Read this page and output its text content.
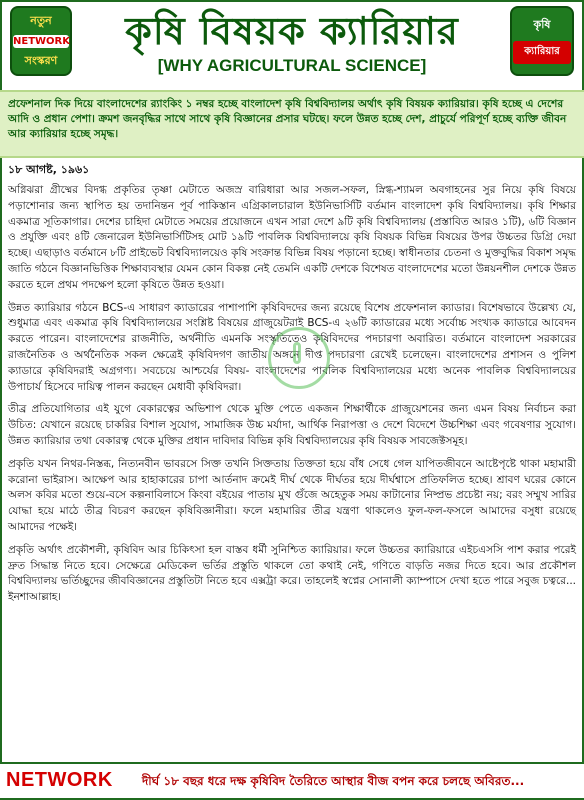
নতুন
NETWORK
সংস্করণ
কৃষি বিষয়ক ক্যারিয়ার
[WHY AGRICULTURAL SCIENCE]
কৃষি
ক্যারিয়ার
প্রফেশনাল দিক দিয়ে বাংলাদেশের র‍্যাংকিং ১ নম্বর হচ্ছে বাংলাদেশ কৃষি বিশ্ববিদ্যালয় অর্থাৎ কৃষি বিষয়ক ক্যারিয়ার। কৃষি হচ্ছে এ দেশের আদি ও প্রধান পেশা। ক্রমশ জনবৃদ্ধির সাথে সাথে কৃষি বিজ্ঞানের প্রসার ঘটছে। ফলে উন্নত হচ্ছে দেশ, প্রাচুর্যে পরিপূর্ণ হচ্ছে ব্যক্তি জীবন আর ক্যারিয়ার হচ্ছে সমৃদ্ধ।
১৮ আগষ্ট, ১৯৬১

অগ্নিঝরা গ্রীষ্মের বিদগ্ধ প্রকৃতির তৃষ্ণা মেটাতে অজস্র বারিধারা আর সজল-সফল, স্নিগ্ধ-শ্যামল অবগাহনের সুর নিয়ে কৃষি বিষয়ে পড়াশোনার জন্য স্থাপিত হয় তদানিন্তন পূর্ব পাকিস্তান এগ্রিকালচারাল ইউনিভার্সিটি বর্তমান বাংলাদেশ কৃষি বিশ্ববিদ্যালয়। কৃষি শিক্ষার একমাত্র সূতিকাগার। দেশের চাহিদা মেটাতে সময়ের প্রয়োজনে এখন সারা দেশে ৯টি কৃষি বিশ্ববিদ্যালয় (প্রস্তাবিত আরও ১টি), ৬টি বিজ্ঞান ও প্রযুক্তি এবং ৪টি জেনারেল ইউনিভার্সিটিসহ মোট ১৯টি পাবলিক বিশ্ববিদ্যালয়ে কৃষি বিষয়ক বিভিন্ন বিষয়ের উপর উচ্চতর ডিগ্রি দেয়া হচ্ছে। এছাড়াও বর্তমানে ৮টি প্রাইভেট বিশ্ববিদ্যালয়েও কৃষি সংক্রান্ত বিভিন্ন বিষয় পড়ানো হচ্ছে। স্বাধীনতার চেতনা ও মুক্তবুদ্ধির বিকাশ সমৃদ্ধ জাতি গঠনে বিজ্ঞানভিত্তিক শিক্ষাব্যবস্থার যেমন কোন বিকল্প নেই তেমনি একটি দেশকে বিশেষত বাংলাদেশের মতো উন্নয়নশীল দেশকে উন্নত করতে হলে প্রথম পদক্ষেপ হলো কৃষিতে উন্নত হওয়া।

উন্নত ক্যারিয়ার গঠনে BCS-এ সাধারণ ক্যাডারের পাশাপাশি কৃষিবিদদের জন্য রয়েছে বিশেষ প্রফেশনাল ক্যাডার। বিশেষভাবে উল্লেখ্য যে, শুধুমাত্র এবং একমাত্র কৃষি বিশ্ববিদ্যালয়ের সংশ্লিষ্ট বিষয়ের গ্রাজুয়েটরাই BCS-এ ২৬টি ক্যাডারের মধ্যে সর্বোচ্চ সংখ্যক ক্যাডারে আবেদন করতে পারেন। বাংলাদেশের রাজনীতি, অর্থনীতি এমনকি সংস্কৃতিতেও কৃষিবিদদের পদচারণা অবারিত। বর্তমানে বাংলাদেশ সরকারের রাজনৈতিক ও অর্থনৈতিক সকল ক্ষেত্রেই কৃষিবিদগণ জাতীয় অঙ্গনে দীপ্ত পদচারণা রেখেই চলেছেন। বাংলাদেশের প্রশাসন ও পুলিশ ক্যাডারে কৃষিবিদরাই অগ্রগণ্য। সবচেয়ে আশ্চর্যের বিষয়- বাংলাদেশের পাবলিক বিশ্ববিদ্যালয়ের মধ্যে অনেক পাবলিক বিশ্ববিদ্যালয়ের উপাচার্য হিসেবে দায়িত্ব পালন করছেন মেধাবী কৃষিবিদরা।

তীব্র প্রতিযোগিতার এই যুগে বেকারত্বের অভিশাপ থেকে মুক্তি পেতে একজন শিক্ষার্থীকে গ্রাজুয়েশনের জন্য এমন বিষয় নির্বাচন করা উচিত: যেখানে রয়েছে চাকরির বিশাল সুযোগ, সামাজিক উচ্চ মর্যাদা, আর্থিক নিরাপত্তা ও দেশে বিদেশে উচ্চশিক্ষা এবং গবেষণার সুযোগ। উন্নত ক্যারিয়ার তথা বেকারত্ব থেকে মুক্তির প্রধান দাবিদার বিভিন্ন কৃষি বিশ্ববিদ্যালয়ের কৃষি বিষয়ক সাবজেক্টসমূহ।

প্রকৃতি যখন নিথর-নিস্তব্ধ, নিত্যনবীন ভাবরসে সিক্ত তখনি সিক্ততায় তিক্ততা হয়ে বাঁধ সেধে গেল যাপিতজীবনে আষ্টেপৃষ্টে থাকা মহামারী করোনা ভাইরাস। আক্ষেপ আর হাহাকারের চাপা আর্তনাদ ক্রমেই দীর্ঘ থেকে দীর্ঘতর হয়ে দীর্ঘশ্বাসে প্রতিফলিত হচ্ছে। শ্রাবণ ঘরের কোনে অলস কবির মতো শুয়ে-বসে কল্পনাবিলাসে কিংবা বইয়ের পাতায় মুখ গুঁজে অহেতুক সময় কাটানোর নিষ্প্রভ প্রচেষ্টা নয়; বরং সম্মুখ সারির যোদ্ধা হয়ে মাঠে তীব্র বিচরণ করছেন কৃষিবিজ্ঞানীরা। ফলে মহামারির তীব্র যন্ত্রণা থাকলেও ফুল-ফল-ফসলে আমাদের বসুধা রয়েছে আমাদের পক্ষেই।

প্রকৃতি অর্থাৎ প্রকৌশলী, কৃষিবিদ আর চিকিৎসা হল বাস্তব ধর্মী সুনিশ্চিত ক্যারিয়ার। ফলে উচ্চতর ক্যারিয়ারে এইচএসসি পাশ করার পরেই দ্রুত সিদ্ধান্ত নিতে হবে। সেক্ষেত্রে মেডিকেল ভর্তির প্রস্তুতি থাকলে তো কথাই নেই, গণিতে বাড়তি নজর দিতে হবে। আর প্রকৌশল বিশ্ববিদ্যালয় ভর্তিচ্ছুদের জীববিজ্ঞানের প্রস্তুতিটা নিতে হবে এক্সট্রা করে। তাহলেই স্বপ্নের সোনালী ক্যাম্পাসে দেখা হতে পারে সবুজ চত্বরে... ইনশাআল্লাহ।

NETWORK দীর্ঘ ১৮ বছর ধরে দক্ষ কৃষিবিদ তৈরিতে আস্থার বীজ বপন করে চলছে অবিরত...
